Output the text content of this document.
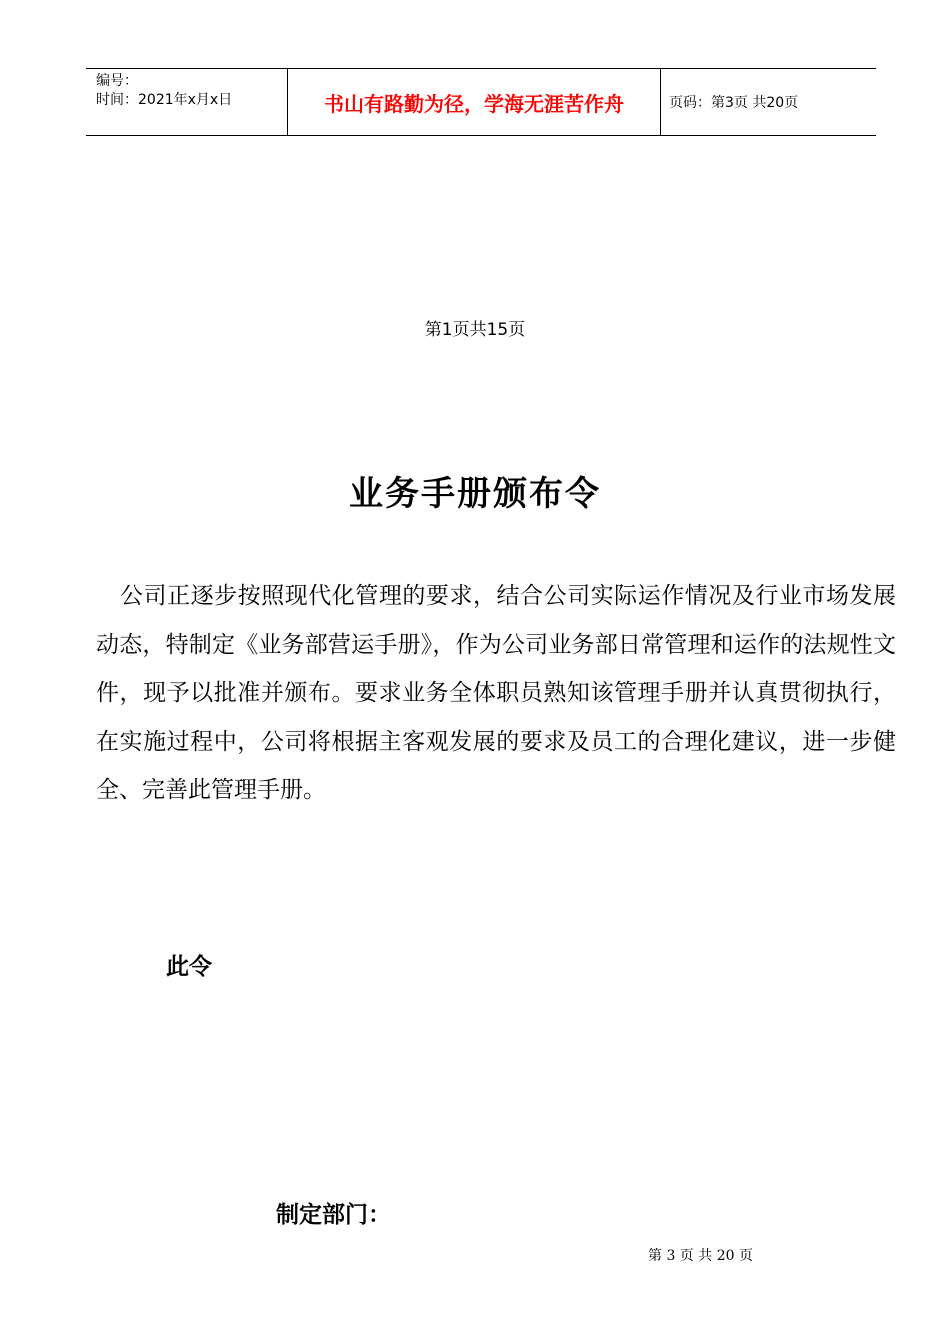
编号：
时间：2021年x月x日	书山有路勤为径，学海无涯苦作舟	页码：第3页 共20页
第1页共15页
业务手册颁布令
公司正逐步按照现代化管理的要求，结合公司实际运作情况及行业市场发展动态，特制定《业务部营运手册》，作为公司业务部日常管理和运作的法规性文件，现予以批准并颁布。要求业务全体职员熟知该管理手册并认真贯彻执行，在实施过程中，公司将根据主客观发展的要求及员工的合理化建议，进一步健全、完善此管理手册。
此令
制定部门：
第 3 页 共 20 页
